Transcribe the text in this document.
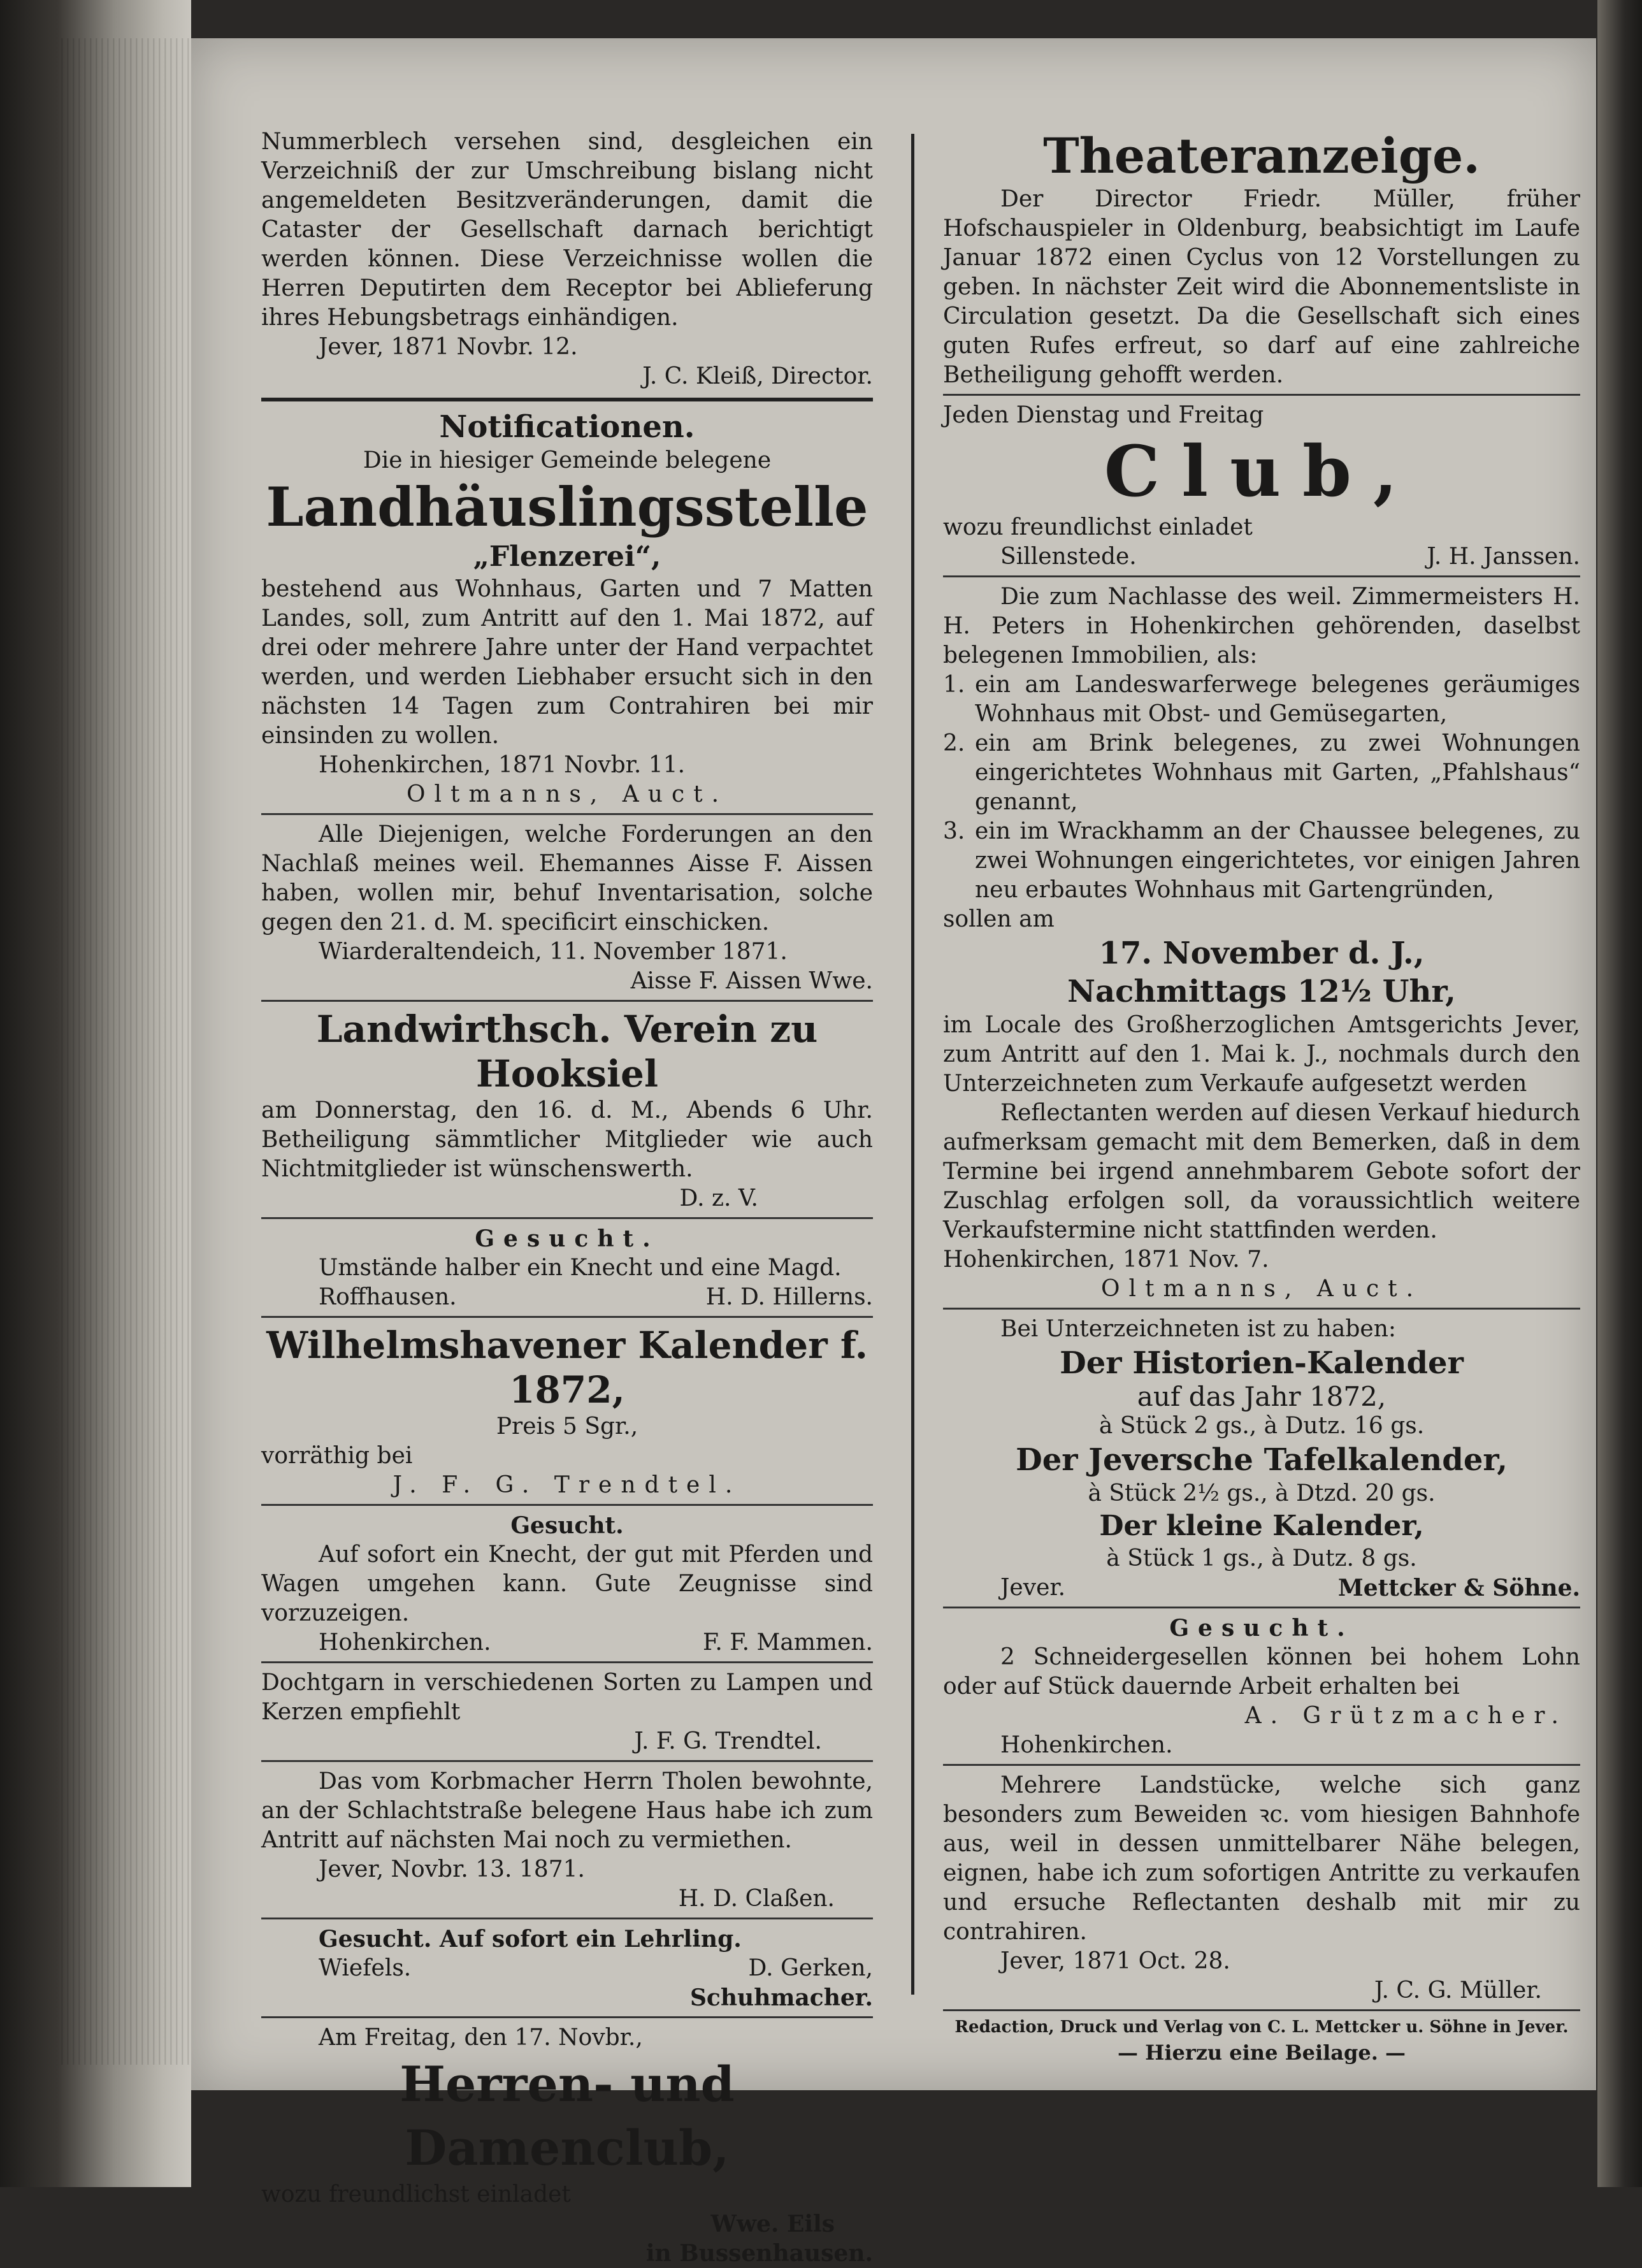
Nummerblech versehen sind, desgleichen ein Verzeichniß der zur Umschreibung bislang nicht angemeldeten Besitzveränderungen, damit die Cataster der Gesellschaft darnach berichtigt werden können. Diese Verzeichnisse wollen die Herren Deputirten dem Receptor bei Ablieferung ihres Hebungsbetrags einhändigen.
Jever, 1871 Novbr. 12.
J. C. Kleiß, Director.
Notificationen.
Die in hiesiger Gemeinde belegene
Landhäuslingsstelle
„Flenzerei“,
bestehend aus Wohnhaus, Garten und 7 Matten Landes, soll, zum Antritt auf den 1. Mai 1872, auf drei oder mehrere Jahre unter der Hand verpachtet werden, und werden Liebhaber ersucht sich in den nächsten 14 Tagen zum Contrahiren bei mir einsinden zu wollen.
Hohenkirchen, 1871 Novbr. 11.
Oltmanns, Auct.
Alle Diejenigen, welche Forderungen an den Nachlaß meines weil. Ehemannes Aisse F. Aissen haben, wollen mir, behuf Inventarisation, solche gegen den 21. d. M. specificirt einschicken.
Wiarderaltendeich, 11. November 1871.
Aisse F. Aissen Wwe.
Landwirthsch. Verein zu Hooksiel
am Donnerstag, den 16. d. M., Abends 6 Uhr. Betheiligung sämmtlicher Mitglieder wie auch Nichtmitglieder ist wünschenswerth.
D. z. V.
Gesucht.
Umstände halber ein Knecht und eine Magd.
Roffhausen.	H. D. Hillerns.
Wilhelmshavener Kalender f. 1872,
Preis 5 Sgr.,
vorräthig bei
J. F. G. Trendtel.
Gesucht.
Auf sofort ein Knecht, der gut mit Pferden und Wagen umgehen kann. Gute Zeugnisse sind vorzuzeigen.
Hohenkirchen.	F. F. Mammen.
Dochtgarn in verschiedenen Sorten zu Lampen und Kerzen empfiehlt
J. F. G. Trendtel.
Das vom Korbmacher Herrn Tholen bewohnte, an der Schlachtstraße belegene Haus habe ich zum Antritt auf nächsten Mai noch zu vermiethen.
Jever, Novbr. 13. 1871.
H. D. Claßen.
Gesucht. Auf sofort ein Lehrling.
Wiefels.	D. Gerken,
Schuhmacher.
Am Freitag, den 17. Novbr.,
Herren- und Damenclub,
wozu freundlichst einladet
Wwe. Eils
in Bussenhausen.
Theateranzeige.
Der Director Friedr. Müller, früher Hofschauspieler in Oldenburg, beabsichtigt im Laufe Januar 1872 einen Cyclus von 12 Vorstellungen zu geben. In nächster Zeit wird die Abonnementsliste in Circulation gesetzt. Da die Gesellschaft sich eines guten Rufes erfreut, so darf auf eine zahlreiche Betheiligung gehofft werden.
Jeden Dienstag und Freitag
Club,
wozu freundlichst einladet
Sillenstede.	J. H. Janssen.
Die zum Nachlasse des weil. Zimmermeisters H. H. Peters in Hohenkirchen gehörenden, daselbst belegenen Immobilien, als:
1. ein am Landeswarferwege belegenes geräumiges Wohnhaus mit Obst- und Gemüsegarten,
2. ein am Brink belegenes, zu zwei Wohnungen eingerichtetes Wohnhaus mit Garten, „Pfahlshaus“ genannt,
3. ein im Wrackhamm an der Chaussee belegenes, zu zwei Wohnungen eingerichtetes, vor einigen Jahren neu erbautes Wohnhaus mit Gartengründen,
sollen am
17. November d. J.,
Nachmittags 12½ Uhr,
im Locale des Großherzoglichen Amtsgerichts Jever, zum Antritt auf den 1. Mai k. J., nochmals durch den Unterzeichneten zum Verkaufe aufgesetzt werden
Reflectanten werden auf diesen Verkauf hiedurch aufmerksam gemacht mit dem Bemerken, daß in dem Termine bei irgend annehmbarem Gebote sofort der Zuschlag erfolgen soll, da voraussichtlich weitere Verkaufstermine nicht stattfinden werden.
Hohenkirchen, 1871 Nov. 7.
Oltmanns, Auct.
Bei Unterzeichneten ist zu haben:
Der Historien-Kalender
auf das Jahr 1872,
à Stück 2 gs., à Dutz. 16 gs.
Der Jeversche Tafelkalender,
à Stück 2½ gs., à Dtzd. 20 gs.
Der kleine Kalender,
à Stück 1 gs., à Dutz. 8 gs.
Jever.	Mettcker & Söhne.
Gesucht.
2 Schneidergesellen können bei hohem Lohn oder auf Stück dauernde Arbeit erhalten bei
A. Grützmacher.
Hohenkirchen.
Mehrere Landstücke, welche sich ganz besonders zum Beweiden ꝛc. vom hiesigen Bahnhofe aus, weil in dessen unmittelbarer Nähe belegen, eignen, habe ich zum sofortigen Antritte zu verkaufen und ersuche Reflectanten deshalb mit mir zu contrahiren.
Jever, 1871 Oct. 28.
J. C. G. Müller.
Redaction, Druck und Verlag von C. L. Mettcker u. Söhne in Jever.
— Hierzu eine Beilage. —
